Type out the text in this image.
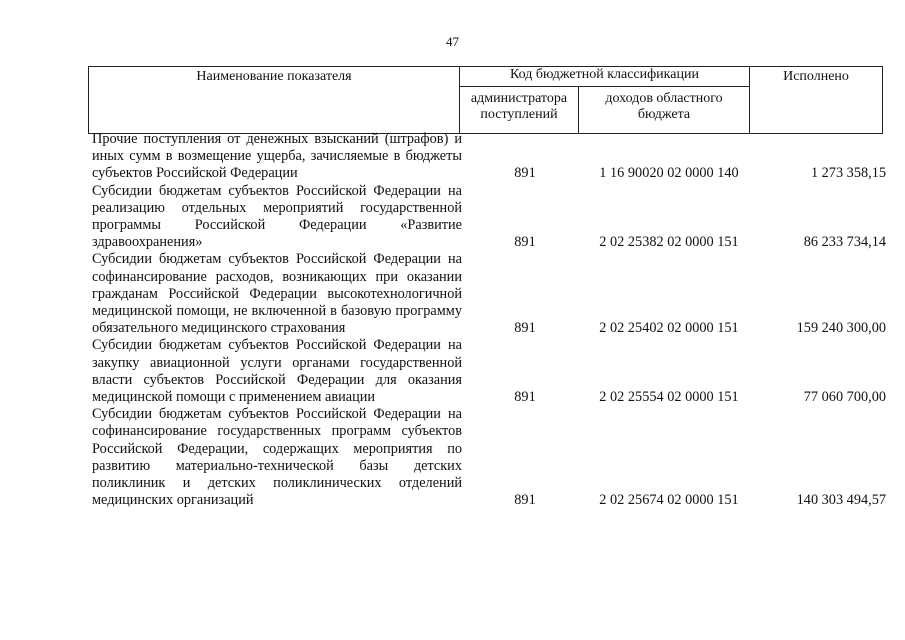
47
Наименование показателя	Код бюджетной классификации		Исполнено
	администратора поступлений	доходов областного бюджета	
Прочие поступления от денежных взысканий (штрафов) и иных сумм в возмещение ущерба, зачисляемые в бюджеты субъектов Российской Федерации	891	1 16 90020 02 0000 140	1 273 358,15
Субсидии бюджетам субъектов Российской Федерации на реализацию отдельных мероприятий государственной программы Российской Федерации «Развитие здравоохранения»	891	2 02 25382 02 0000 151	86 233 734,14
Субсидии бюджетам субъектов Российской Федерации на софинансирование расходов, возникающих при оказании гражданам Российской Федерации высокотехнологичной медицинской помощи, не включенной в базовую программу обязательного медицинского страхования	891	2 02 25402 02 0000 151	159 240 300,00
Субсидии бюджетам субъектов Российской Федерации на закупку авиационной услуги органами государственной власти субъектов Российской Федерации для оказания медицинской помощи с применением авиации	891	2 02 25554 02 0000 151	77 060 700,00
Субсидии бюджетам субъектов Российской Федерации на софинансирование государственных программ субъектов Российской Федерации, содержащих мероприятия по развитию материально-технической базы детских поликлиник и детских поликлинических отделений медицинских организаций	891	2 02 25674 02 0000 151	140 303 494,57
